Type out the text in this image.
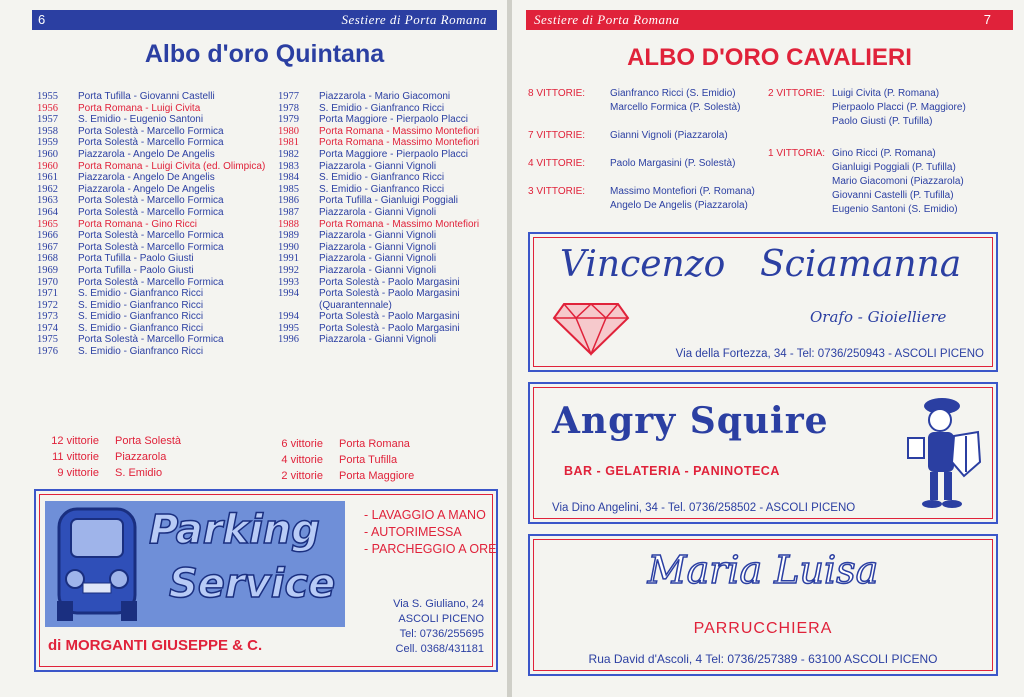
6	Sestiere di Porta Romana
Albo d'oro Quintana
1955	Porta Tufilla - Giovanni Castelli
1956	Porta Romana - Luigi Civita
1957	S. Emidio - Eugenio Santoni
1958	Porta Solestà - Marcello Formica
1959	Porta Solestà - Marcello Formica
1960	Piazzarola - Angelo De Angelis
1960	Porta Romana - Luigi Civita (ed. Olimpica)
1961	Piazzarola - Angelo De Angelis
1962	Piazzarola - Angelo De Angelis
1963	Porta Solestà - Marcello Formica
1964	Porta Solestà - Marcello Formica
1965	Porta Romana - Gino Ricci
1966	Porta Solestà - Marcello Formica
1967	Porta Solestà - Marcello Formica
1968	Porta Tufilla - Paolo Giusti
1969	Porta Tufilla - Paolo Giusti
1970	Porta Solestà - Marcello Formica
1971	S. Emidio - Gianfranco Ricci
1972	S. Emidio - Gianfranco Ricci
1973	S. Emidio - Gianfranco Ricci
1974	S. Emidio - Gianfranco Ricci
1975	Porta Solestà - Marcello Formica
1976	S. Emidio - Gianfranco Ricci
1977	Piazzarola - Mario Giacomoni
1978	S. Emidio - Gianfranco Ricci
1979	Porta Maggiore - Pierpaolo Placci
1980	Porta Romana - Massimo Montefiori
1981	Porta Romana - Massimo Montefiori
1982	Porta Maggiore - Pierpaolo Placci
1983	Piazzarola - Gianni Vignoli
1984	S. Emidio - Gianfranco Ricci
1985	S. Emidio - Gianfranco Ricci
1986	Porta Tufilla - Gianluigi Poggiali
1987	Piazzarola - Gianni Vignoli
1988	Porta Romana - Massimo Montefiori
1989	Piazzarola - Gianni Vignoli
1990	Piazzarola - Gianni Vignoli
1991	Piazzarola - Gianni Vignoli
1992	Piazzarola - Gianni Vignoli
1993	Porta Solestà - Paolo Margasini
1994	Porta Solestà - Paolo Margasini
(Quarantennale)
1994	Porta Solestà - Paolo Margasini
1995	Porta Solestà - Paolo Margasini
1996	Piazzarola - Gianni Vignoli
12 vittorie	Porta Solestà
11 vittorie	Piazzarola
9 vittorie	S. Emidio
6 vittorie	Porta Romana
4 vittorie	Porta Tufilla
2 vittorie	Porta Maggiore
Parking
Service
- LAVAGGIO A MANO
- AUTORIMESSA
- PARCHEGGIO A ORE
Via S. Giuliano, 24
ASCOLI PICENO
Tel: 0736/255695
Cell. 0368/431181
di MORGANTI GIUSEPPE & C.
Sestiere di Porta Romana	7
ALBO D'ORO CAVALIERI
8 VITTORIE: Gianfranco Ricci (S. Emidio)
Marcello Formica (P. Solestà)
7 VITTORIE: Gianni Vignoli (Piazzarola)
4 VITTORIE: Paolo Margasini (P. Solestà)
3 VITTORIE: Massimo Montefiori (P. Romana)
Angelo De Angelis (Piazzarola)
2 VITTORIE: Luigi Civita (P. Romana)
Pierpaolo Placci (P. Maggiore)
Paolo Giusti (P. Tufilla)
1 VITTORIA: Gino Ricci (P. Romana)
Gianluigi Poggiali (P. Tufilla)
Mario Giacomoni (Piazzarola)
Giovanni Castelli (P. Tufilla)
Eugenio Santoni (S. Emidio)
Vincenzo Sciamanna
Orafo - Gioielliere
Via della Fortezza, 34 - Tel: 0736/250943 - ASCOLI PICENO
Angry Squire
BAR - GELATERIA - PANINOTECA
Via Dino Angelini, 34 - Tel. 0736/258502 - ASCOLI PICENO
Maria Luisa
PARRUCCHIERA
Rua David d'Ascoli, 4 Tel: 0736/257389 - 63100 ASCOLI PICENO
